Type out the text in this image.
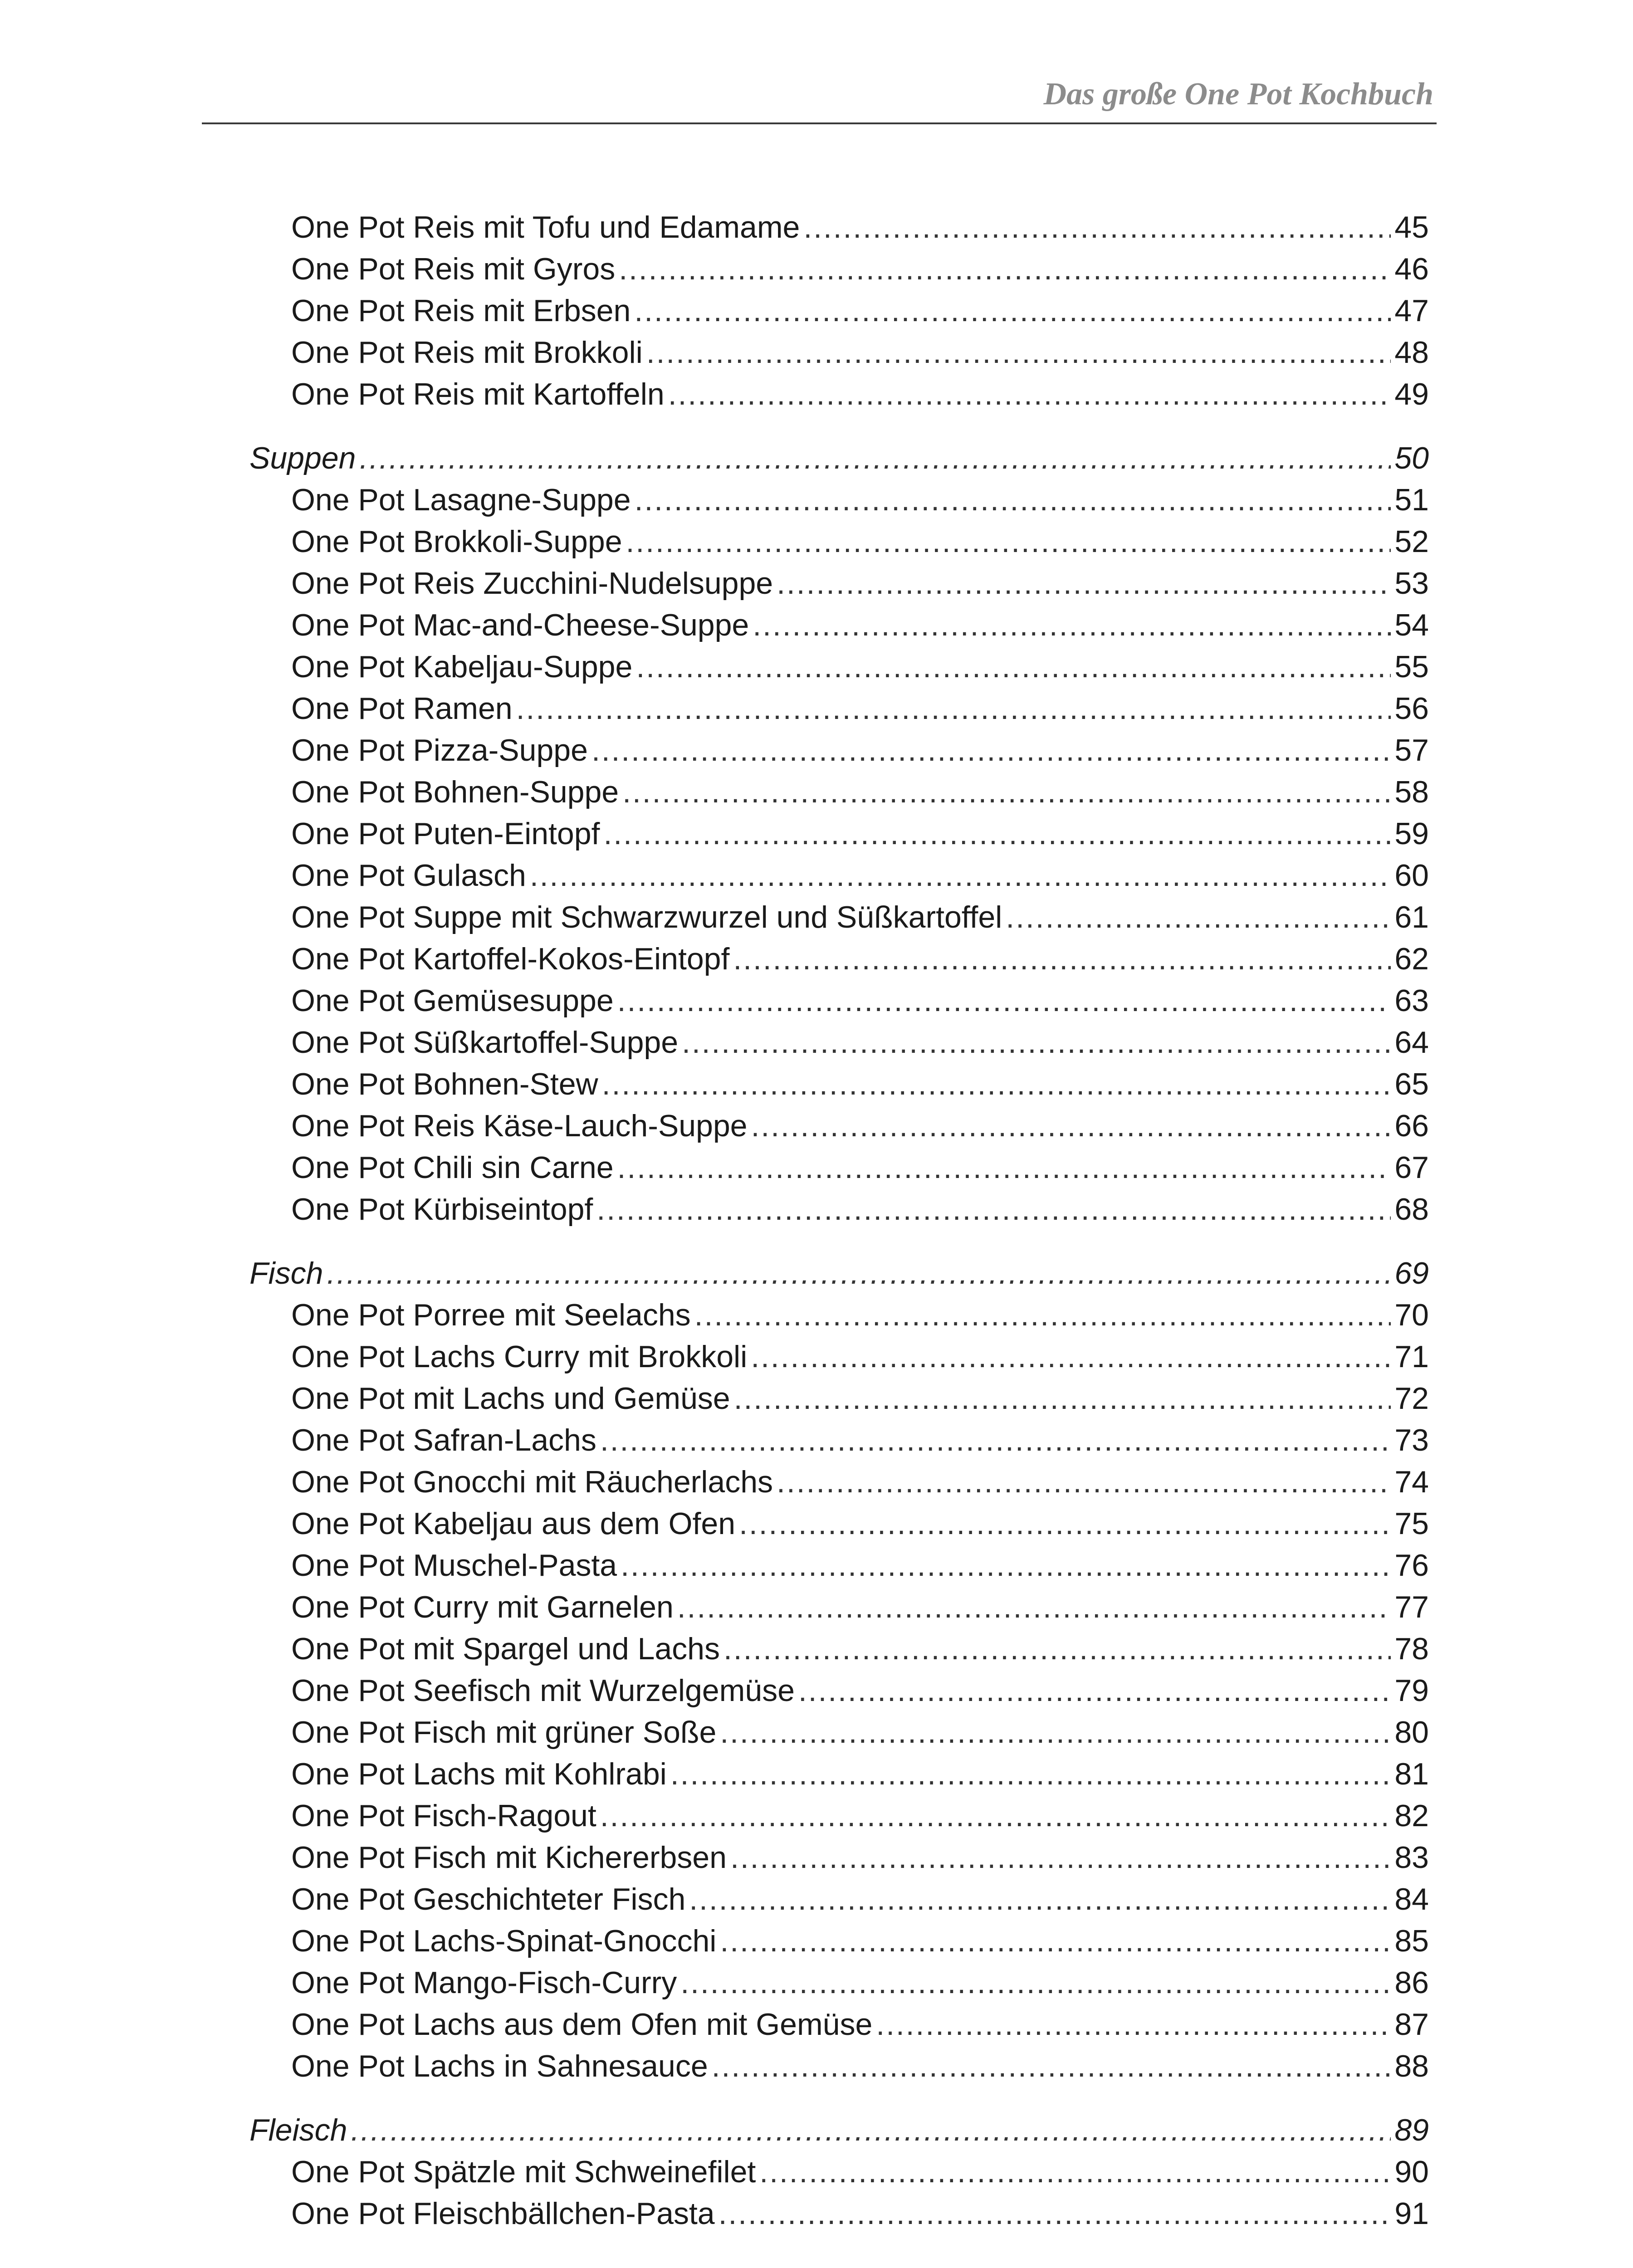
Das große One Pot Kochbuch
One Pot Reis mit Tofu und Edamame . . .	45
One Pot Reis mit Gyros . . .	46
One Pot Reis mit Erbsen . . .	47
One Pot Reis mit Brokkoli . . .	48
One Pot Reis mit Kartoffeln . . .	49
Suppen . . .	50
One Pot Lasagne-Suppe . . .	51
One Pot Brokkoli-Suppe . . .	52
One Pot Reis Zucchini-Nudelsuppe . . .	53
One Pot Mac-and-Cheese-Suppe . . .	54
One Pot Kabeljau-Suppe . . .	55
One Pot Ramen . . .	56
One Pot Pizza-Suppe . . .	57
One Pot Bohnen-Suppe . . .	58
One Pot Puten-Eintopf . . .	59
One Pot Gulasch . . .	60
One Pot Suppe mit Schwarzwurzel und Süßkartoffel . . .	61
One Pot Kartoffel-Kokos-Eintopf . . .	62
One Pot Gemüsesuppe . . .	63
One Pot Süßkartoffel-Suppe . . .	64
One Pot Bohnen-Stew . . .	65
One Pot Reis Käse-Lauch-Suppe . . .	66
One Pot Chili sin Carne . . .	67
One Pot Kürbiseintopf . . .	68
Fisch . . .	69
One Pot Porree mit Seelachs . . .	70
One Pot Lachs Curry mit Brokkoli . . .	71
One Pot mit Lachs und Gemüse . . .	72
One Pot Safran-Lachs . . .	73
One Pot Gnocchi mit Räucherlachs . . .	74
One Pot Kabeljau aus dem Ofen . . .	75
One Pot Muschel-Pasta . . .	76
One Pot Curry mit Garnelen . . .	77
One Pot mit Spargel und Lachs . . .	78
One Pot Seefisch mit Wurzelgemüse . . .	79
One Pot Fisch mit grüner Soße . . .	80
One Pot Lachs mit Kohlrabi . . .	81
One Pot Fisch-Ragout . . .	82
One Pot Fisch mit Kichererbsen . . .	83
One Pot Geschichteter Fisch . . .	84
One Pot Lachs-Spinat-Gnocchi . . .	85
One Pot Mango-Fisch-Curry . . .	86
One Pot Lachs aus dem Ofen mit Gemüse . . .	87
One Pot Lachs in Sahnesauce . . .	88
Fleisch . . .	89
One Pot Spätzle mit Schweinefilet . . .	90
One Pot Fleischbällchen-Pasta . . .	91
